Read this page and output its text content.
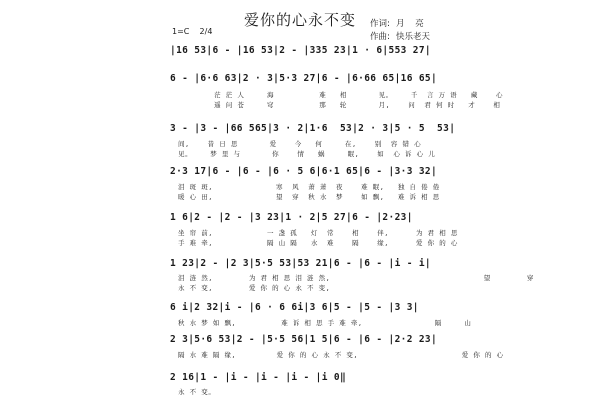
爱你的心永不变	作词: 月    亮
作曲: 快乐老天
1=C    2/4
|16 53|6 - |16 53|2 - |335 23|1 · 6|553 27|
6 - |6·6 63|2 · 3|5·3 27|6 - |6·66 65|16 65|
茫 茫 人     海          难   相       见。    千  言 万 语   藏    心
遥 问 苍     穹          那   轮       月,    问  君 何 时   才    相
3 - |3 - |66 565|3 · 2|1·6  53|2 · 3|5 · 5  53|
间,    昔 日 思       爱    今   何     在,    别  容 错 心
见。    梦 里 与       你    情   蜗     眠,    如  心 诉 心 儿
2·3 17|6 - |6 - |6 · 5 6|6·1 65|6 - |3·3 32|
泪 斑 斑,              寒  风  萧 萧  夜    难 眠,   独 自 倦 倦
暖 心 田,              望  穿  秋 水  梦    如 飘,   难 诉 相 思
1 6|2 - |2 - |3 23|1 · 2|5 27|6 - |2·23|
坐 帘 前,            一 盏 孤   灯  常    相    伴,      为 君 相 思
手 难 牵,            隔 山 隔   水  难    隔    缘,      爱 你 的 心
1 23|2 - |2 3|5·5 53|53 21|6 - |6 - |i - i|
泪 涟 然,        为 君 相 思 泪 涟 然,                                  望        穿
永 不 变,        爱 你 的 心 永 不 变,
6 i|2 32|i - |6 · 6 6i|3 6|5 - |5 - |3 3|
秋 水 梦 如 飘,          难 诉 相 思 手 难 牵,                隔     山
2 3|5·6 53|2 - |5·5 56|1 5|6 - |6 - |2·2 23|
隔 水 难 隔 缘,         爱 你 的 心 永 不 变,                       爱 你 的 心
2 16|1 - |i - |i - |i - |i 0‖
永 不 变。
